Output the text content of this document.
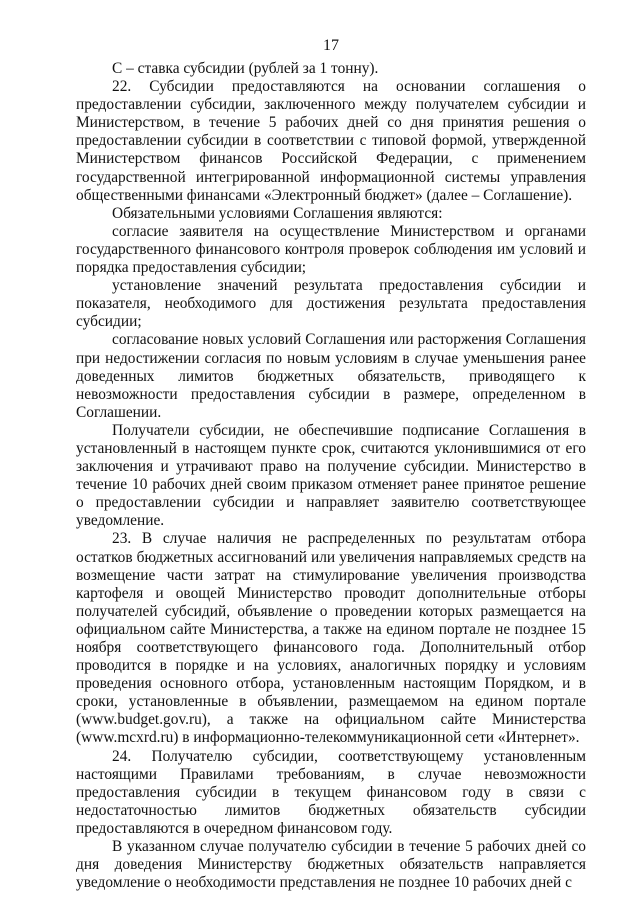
17

С – ставка субсидии (рублей за 1 тонну).

22. Субсидии предоставляются на основании соглашения о предоставлении субсидии, заключенного между получателем субсидии и Министерством, в течение 5 рабочих дней со дня принятия решения о предоставлении субсидии в соответствии с типовой формой, утвержденной Министерством финансов Российской Федерации, с применением государственной интегрированной информационной системы управления общественными финансами «Электронный бюджет» (далее – Соглашение).

Обязательными условиями Соглашения являются:

согласие заявителя на осуществление Министерством и органами государственного финансового контроля проверок соблюдения им условий и порядка предоставления субсидии;

установление значений результата предоставления субсидии и показателя, необходимого для достижения результата предоставления субсидии;

согласование новых условий Соглашения или расторжения Соглашения при недостижении согласия по новым условиям в случае уменьшения ранее доведенных лимитов бюджетных обязательств, приводящего к невозможности предоставления субсидии в размере, определенном в Соглашении.

Получатели субсидии, не обеспечившие подписание Соглашения в установленный в настоящем пункте срок, считаются уклонившимися от его заключения и утрачивают право на получение субсидии. Министерство в течение 10 рабочих дней своим приказом отменяет ранее принятое решение о предоставлении субсидии и направляет заявителю соответствующее уведомление.

23. В случае наличия не распределенных по результатам отбора остатков бюджетных ассигнований или увеличения направляемых средств на возмещение части затрат на стимулирование увеличения производства картофеля и овощей Министерство проводит дополнительные отборы получателей субсидий, объявление о проведении которых размещается на официальном сайте Министерства, а также на едином портале не позднее 15 ноября соответствующего финансового года. Дополнительный отбор проводится в порядке и на условиях, аналогичных порядку и условиям проведения основного отбора, установленным настоящим Порядком, и в сроки, установленные в объявлении, размещаемом на едином портале (www.budget.gov.ru), а также на официальном сайте Министерства (www.mcxrd.ru) в информационно-телекоммуникационной сети «Интернет».

24. Получателю субсидии, соответствующему установленным настоящими Правилами требованиям, в случае невозможности предоставления субсидии в текущем финансовом году в связи с недостаточностью лимитов бюджетных обязательств субсидии предоставляются в очередном финансовом году.

В указанном случае получателю субсидии в течение 5 рабочих дней со дня доведения Министерству бюджетных обязательств направляется уведомление о необходимости представления не позднее 10 рабочих дней с
